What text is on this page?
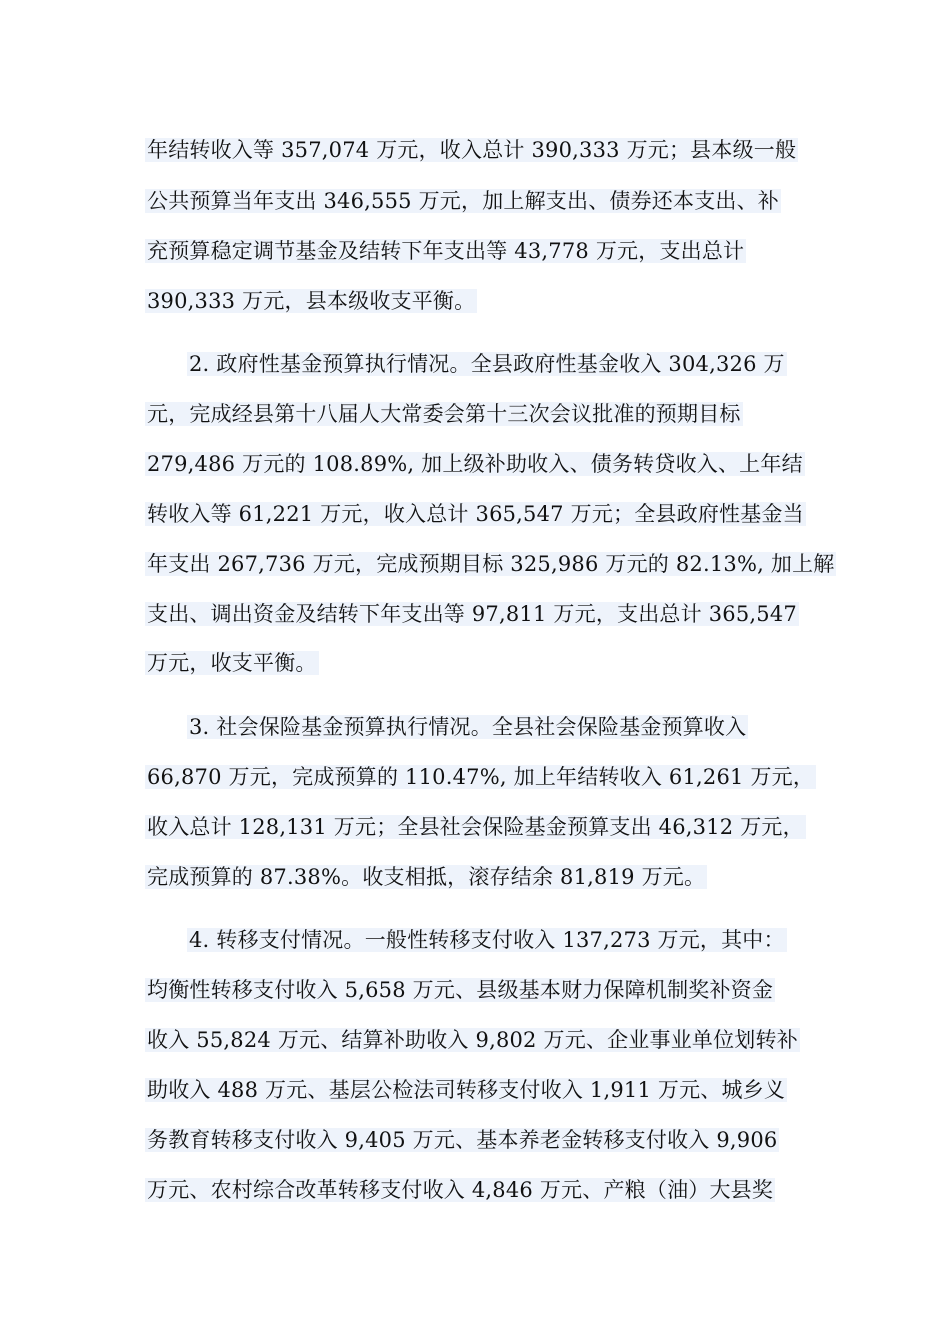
年结转收入等 357,074 万元，收入总计 390,333 万元；县本级一般
公共预算当年支出 346,555 万元，加上解支出、债券还本支出、补
充预算稳定调节基金及结转下年支出等 43,778 万元，支出总计
390,333 万元，县本级收支平衡。
2. 政府性基金预算执行情况。全县政府性基金收入 304,326 万
元，完成经县第十八届人大常委会第十三次会议批准的预期目标
279,486 万元的 108.89%, 加上级补助收入、债务转贷收入、上年结
转收入等 61,221 万元，收入总计 365,547 万元；全县政府性基金当
年支出 267,736 万元，完成预期目标 325,986 万元的 82.13%, 加上解
支出、调出资金及结转下年支出等 97,811 万元，支出总计 365,547
万元，收支平衡。
3. 社会保险基金预算执行情况。全县社会保险基金预算收入
66,870 万元，完成预算的 110.47%, 加上年结转收入 61,261 万元，
收入总计 128,131 万元；全县社会保险基金预算支出 46,312 万元，
完成预算的 87.38%。收支相抵，滚存结余 81,819 万元。
4. 转移支付情况。一般性转移支付收入 137,273 万元，其中：
均衡性转移支付收入 5,658 万元、县级基本财力保障机制奖补资金
收入 55,824 万元、结算补助收入 9,802 万元、企业事业单位划转补
助收入 488 万元、基层公检法司转移支付收入 1,911 万元、城乡义
务教育转移支付收入 9,405 万元、基本养老金转移支付收入 9,906
万元、农村综合改革转移支付收入 4,846 万元、产粮（油）大县奖
